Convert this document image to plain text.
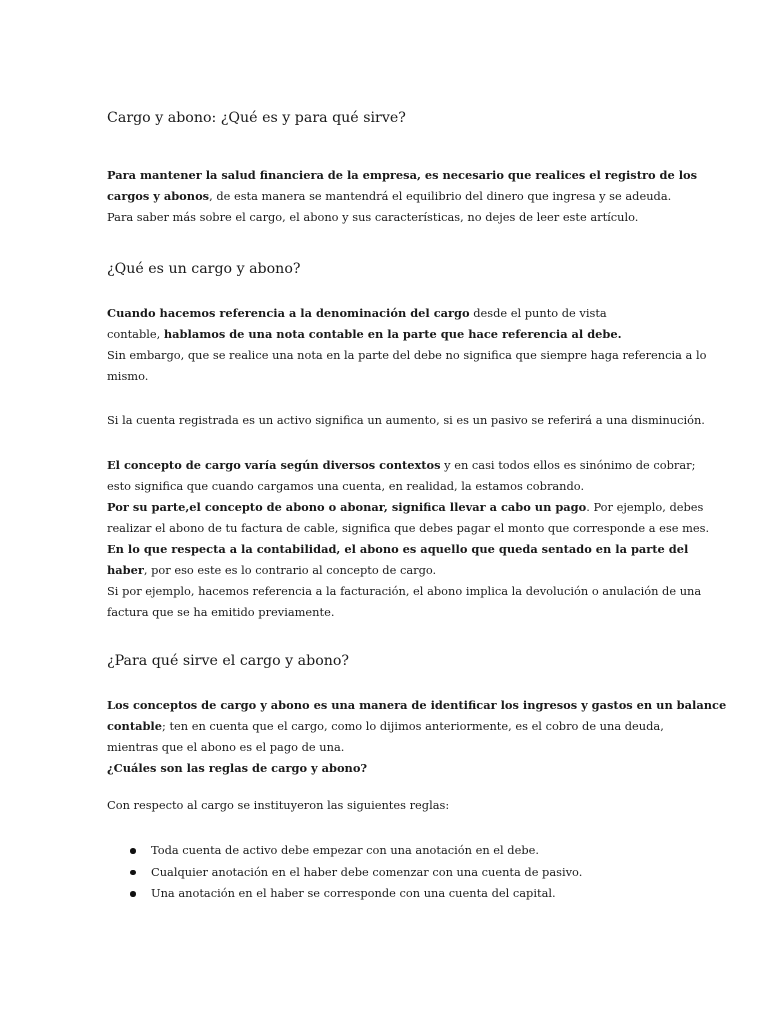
Cargo y abono: ¿Qué es y para qué sirve?
Para mantener la salud financiera de la empresa, es necesario que realices el registro de los
cargos y abonos, de esta manera se mantendrá el equilibrio del dinero que ingresa y se adeuda.
Para saber más sobre el cargo, el abono y sus características, no dejes de leer este artículo.
¿Qué es un cargo y abono?
Cuando hacemos referencia a la denominación del cargo desde el punto de vista
contable, hablamos de una nota contable en la parte que hace referencia al debe.
Sin embargo, que se realice una nota en la parte del debe no significa que siempre haga referencia a lo
mismo.
Si la cuenta registrada es un activo significa un aumento, si es un pasivo se referirá a una disminución.
El concepto de cargo varía según diversos contextos y en casi todos ellos es sinónimo de cobrar;
esto significa que cuando cargamos una cuenta, en realidad, la estamos cobrando.
Por su parte,el concepto de abono o abonar, significa llevar a cabo un pago. Por ejemplo, debes
realizar el abono de tu factura de cable, significa que debes pagar el monto que corresponde a ese mes.
En lo que respecta a la contabilidad, el abono es aquello que queda sentado en la parte del
haber, por eso este es lo contrario al concepto de cargo.
Si por ejemplo, hacemos referencia a la facturación, el abono implica la devolución o anulación de una
factura que se ha emitido previamente.
¿Para qué sirve el cargo y abono?
Los conceptos de cargo y abono es una manera de identificar los ingresos y gastos en un balance
contable; ten en cuenta que el cargo, como lo dijimos anteriormente, es el cobro de una deuda,
mientras que el abono es el pago de una.
¿Cuáles son las reglas de cargo y abono?
Con respecto al cargo se instituyeron las siguientes reglas:
Toda cuenta de activo debe empezar con una anotación en el debe.
Cualquier anotación en el haber debe comenzar con una cuenta de pasivo.
Una anotación en el haber se corresponde con una cuenta del capital.
